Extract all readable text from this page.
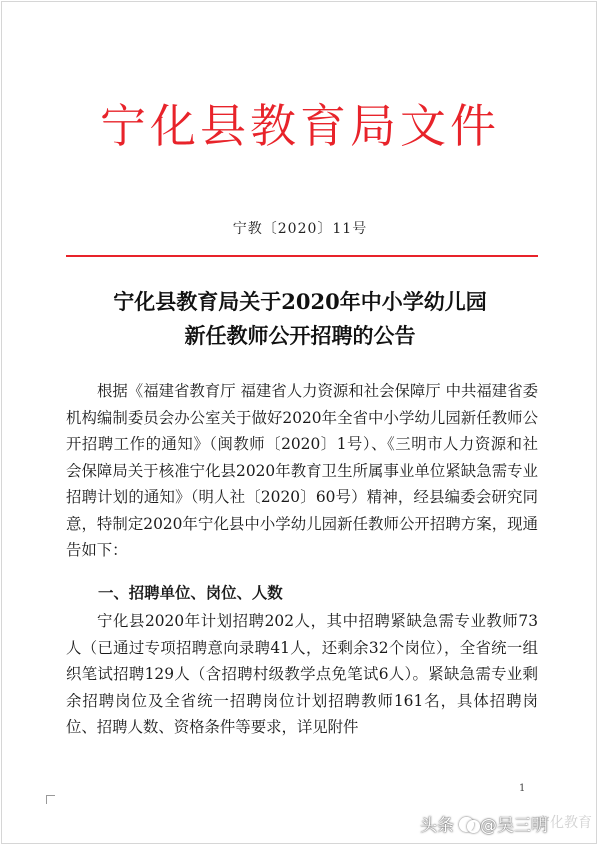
宁化县教育局文件
宁教〔2020〕11号
宁化县教育局关于2020年中小学幼儿园
新任教师公开招聘的公告
根据《福建省教育厅 福建省人力资源和社会保障厅 中共福建省委机构编制委员会办公室关于做好2020年全省中小学幼儿园新任教师公开招聘工作的通知》（闽教师〔2020〕1号）、《三明市人力资源和社会保障局关于核准宁化县2020年教育卫生所属事业单位紧缺急需专业招聘计划的通知》（明人社〔2020〕60号）精神，经县编委会研究同意，特制定2020年宁化县中小学幼儿园新任教师公开招聘方案，现通告如下：
一、招聘单位、岗位、人数
宁化县2020年计划招聘202人，其中招聘紧缺急需专业教师73人（已通过专项招聘意向录聘41人，还剩余32个岗位），全省统一组织笔试招聘129人（含招聘村级教学点免笔试6人）。紧缺急需专业剩余招聘岗位及全省统一招聘岗位计划招聘教师161名，具体招聘岗位、招聘人数、资格条件等要求，详见附件
1
宁化教育
头条 @吴三明
